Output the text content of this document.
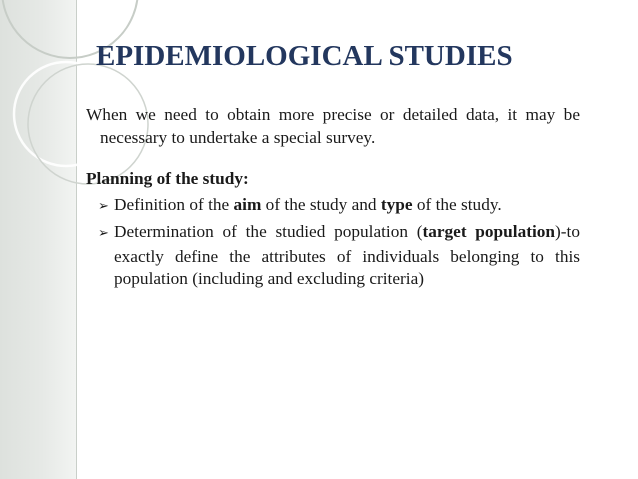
EPIDEMIOLOGICAL STUDIES
When we need to obtain more precise or detailed data, it may be necessary to undertake a special survey.
Planning of the study:
➢ Definition of the aim of the study and type of the study.
➢ Determination of the studied population (target population)-to exactly define the attributes of individuals belonging to this population (including and excluding criteria)
